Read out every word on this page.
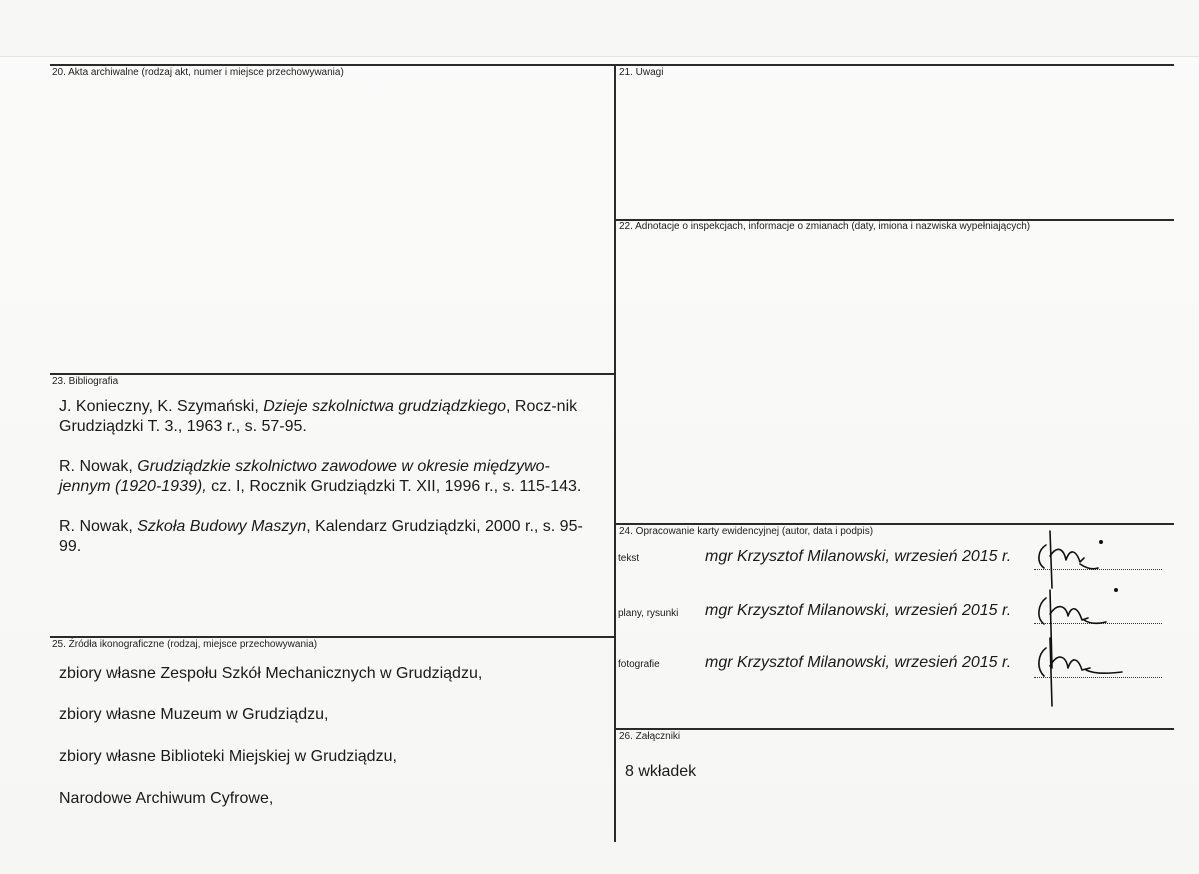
20. Akta archiwalne (rodzaj akt, numer i miejsce przechowywania)	21. Uwagi
22. Adnotacje o inspekcjach, informacje o zmianach (daty, imiona i nazwiska wypełniających)
23. Bibliografia
24. Opracowanie karty ewidencyjnej (autor, data i podpis)
25. Źródła ikonograficzne (rodzaj, miejsce przechowywania)
26. Załączniki

J. Konieczny, K. Szymański, Dzieje szkolnictwa grudziądzkiego, Rocz-nik Grudziądzki T. 3., 1963 r., s. 57-95.

R. Nowak, Grudziądzkie szkolnictwo zawodowe w okresie międzywo-jennym (1920-1939), cz. I, Rocznik Grudziądzki T. XII, 1996 r., s. 115-143.

R. Nowak, Szkoła Budowy Maszyn, Kalendarz Grudziądzki, 2000 r., s. 95-99.

tekst	mgr Krzysztof Milanowski, wrzesień 2015 r.
plany, rysunki mgr Krzysztof Milanowski, wrzesień 2015 r.
fotografie	mgr Krzysztof Milanowski, wrzesień 2015 r.
zbiory własne Zespołu Szkół Mechanicznych w Grudziądzu,
zbiory własne Muzeum w Grudziądzu,
zbiory własne Biblioteki Miejskiej w Grudziądzu,
Narodowe Archiwum Cyfrowe,
8 wkładek
